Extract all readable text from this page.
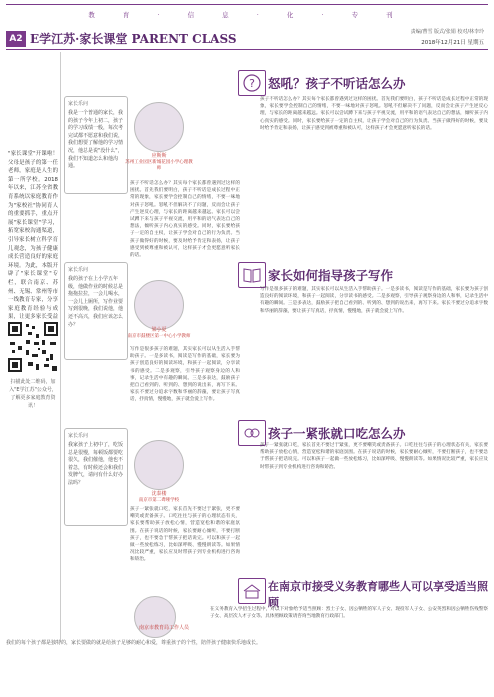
教 育 · 信 息 · 化 · 专 刊
A2 E学江苏·家长课堂 PARENT CLASS	责编/曹雪 版式/张娟 校对/林李玲
2018年12月21日 星期五
"家长课堂"开课啦！父母是孩子的第一任老师，家庭是人生的第一所学校。2018年以来，江苏全省教育系统以家庭教育作为"家校社"协同育人的重要抓手，重点开展"家长课堂"学习，拓宽家校沟通渠道，引导家长树立科学育儿观念，为孩子健康成长营造良好的家庭环境。为此，本版开辟了"家长课堂"专栏，联合南京、苏州、无锡、常州等市一线教育专家，分享家庭教育经验与成果，让更多家长受益
扫描此处二维码，加入"E学江苏"公众号，了解更多家庭教育资讯！
家长乐问
我是一个普通的家长，我的孩子今年上初二，孩子的学习成绩一般，每次考完试都不愿意和我们说，我们想要了解他的学习情况，他总是说"没什么"，我们不知道怎么和他沟通。
家长乐问
我的孩子在上小学五年级，他做作业的时候总是拖拖拉拉，一会儿喝水，一会儿上厕所，写作业要写到很晚，我们说他，他还不高兴，我们应该怎么办？
家长乐问
我家孩子上初中了，吃饭总是很慢，每顿饭都要吃很久，我们催他，他也不着急，有时候还会和我们发脾气，请问有什么好办法吗？
? 怒吼？孩子不听话怎么办
应斯斯
苏州工业园区新城花园小学心理教师
孩子不听话怎么办？其实每个家长都曾遇到过这样的困扰。首先我们要明白，孩子不听话是成长过程中正常的现象，家长要学会控制自己的情绪，不要一味地对孩子怒吼。怒吼不但解决不了问题，反而会让孩子产生逆反心理，与家长的距离越来越远。家长可以尝试蹲下来与孩子平视交流，用平和的语气表达自己的想法，倾听孩子内心真实的感受。同时，家长要给孩子一定的自主权，让孩子学会对自己的行为负责。当孩子做得好的时候，要及时给予肯定和表扬，让孩子感受到被尊重和被认可，这样孩子才会更愿意听家长的话。
孩子不听话怎么办？其实每个家长都曾遇到过这样的困扰。首先我们要明白，孩子不听话是成长过程中正常的现象，家长要学会控制自己的情绪，不要一味地对孩子怒吼。怒吼不但解决不了问题，反而会让孩子产生逆反心理，与家长的距离越来越远。家长可以尝试蹲下来与孩子平视交流，用平和的语气表达自己的想法，倾听孩子内心真实的感受。同时，家长要给孩子一定的自主权，让孩子学会对自己的行为负责。当孩子做得好的时候，要及时给予肯定和表扬，让孩子感受到被尊重和被认可，这样孩子才会更愿意听家长的话。
家长如何指导孩子写作
梁小夏
南京市鼓楼区第一中心小学教师
写作是很多孩子的难题，其实家长可以从生活入手帮助孩子。一是多读书，阅读是写作的基础，家长要为孩子创造良好的阅读环境，和孩子一起阅读，分享读书的感受。二是多观察，引导孩子观察身边的人和事，记录生活中有趣的瞬间。三是多表达，鼓励孩子把自己看到的、听到的、想到的说出来，再写下来。家长不要过分追求字数和华丽的辞藻，要让孩子写真话，抒真情，慢慢地，孩子就会爱上写作。
写作是很多孩子的难题，其实家长可以从生活入手帮助孩子。一是多读书，阅读是写作的基础，家长要为孩子创造良好的阅读环境，和孩子一起阅读，分享读书的感受。二是多观察，引导孩子观察身边的人和事，记录生活中有趣的瞬间。三是多表达，鼓励孩子把自己看到的、听到的、想到的说出来，再写下来。家长不要过分追求字数和华丽的辞藻，要让孩子写真话，抒真情，慢慢地，孩子就会爱上写作。
孩子一紧张就口吃怎么办
沈泰楼
南京市第二聋哑学校
孩子一紧张就口吃，家长首先不要过于紧张，更不要嘲笑或责备孩子。口吃往往与孩子的心理状态有关，家长要帮助孩子放松心情，营造宽松和谐的家庭氛围。在孩子说话的时候，家长要耐心倾听，不要打断孩子，也不要急于帮孩子把话说完。可以和孩子一起做一些放松练习，比如深呼吸、慢慢朗读等。如果情况比较严重，家长应及时带孩子到专业机构进行咨询和矫治。
孩子一紧张就口吃，家长首先不要过于紧张，更不要嘲笑或责备孩子。口吃往往与孩子的心理状态有关，家长要帮助孩子放松心情，营造宽松和谐的家庭氛围。在孩子说话的时候，家长要耐心倾听，不要打断孩子，也不要急于帮孩子把话说完。可以和孩子一起做一些放松练习，比如深呼吸、慢慢朗读等。如果情况比较严重，家长应及时带孩子到专业机构进行咨询和矫治。
在南京市接受义务教育哪些人可以享受适当照顾
南京市教育局工作人员
在义务教育入学招生过程中，对以下对象给予适当照顾：烈士子女、因公牺牲的军人子女、现役军人子女、公安英烈和因公牺牲伤残警察子女、高层次人才子女等。具体照顾政策请咨询当地教育行政部门。
我们的每个孩子都是独特的，家长要做的就是给孩子足够的耐心和爱，尊重孩子的个性，陪伴孩子健康快乐地成长。
